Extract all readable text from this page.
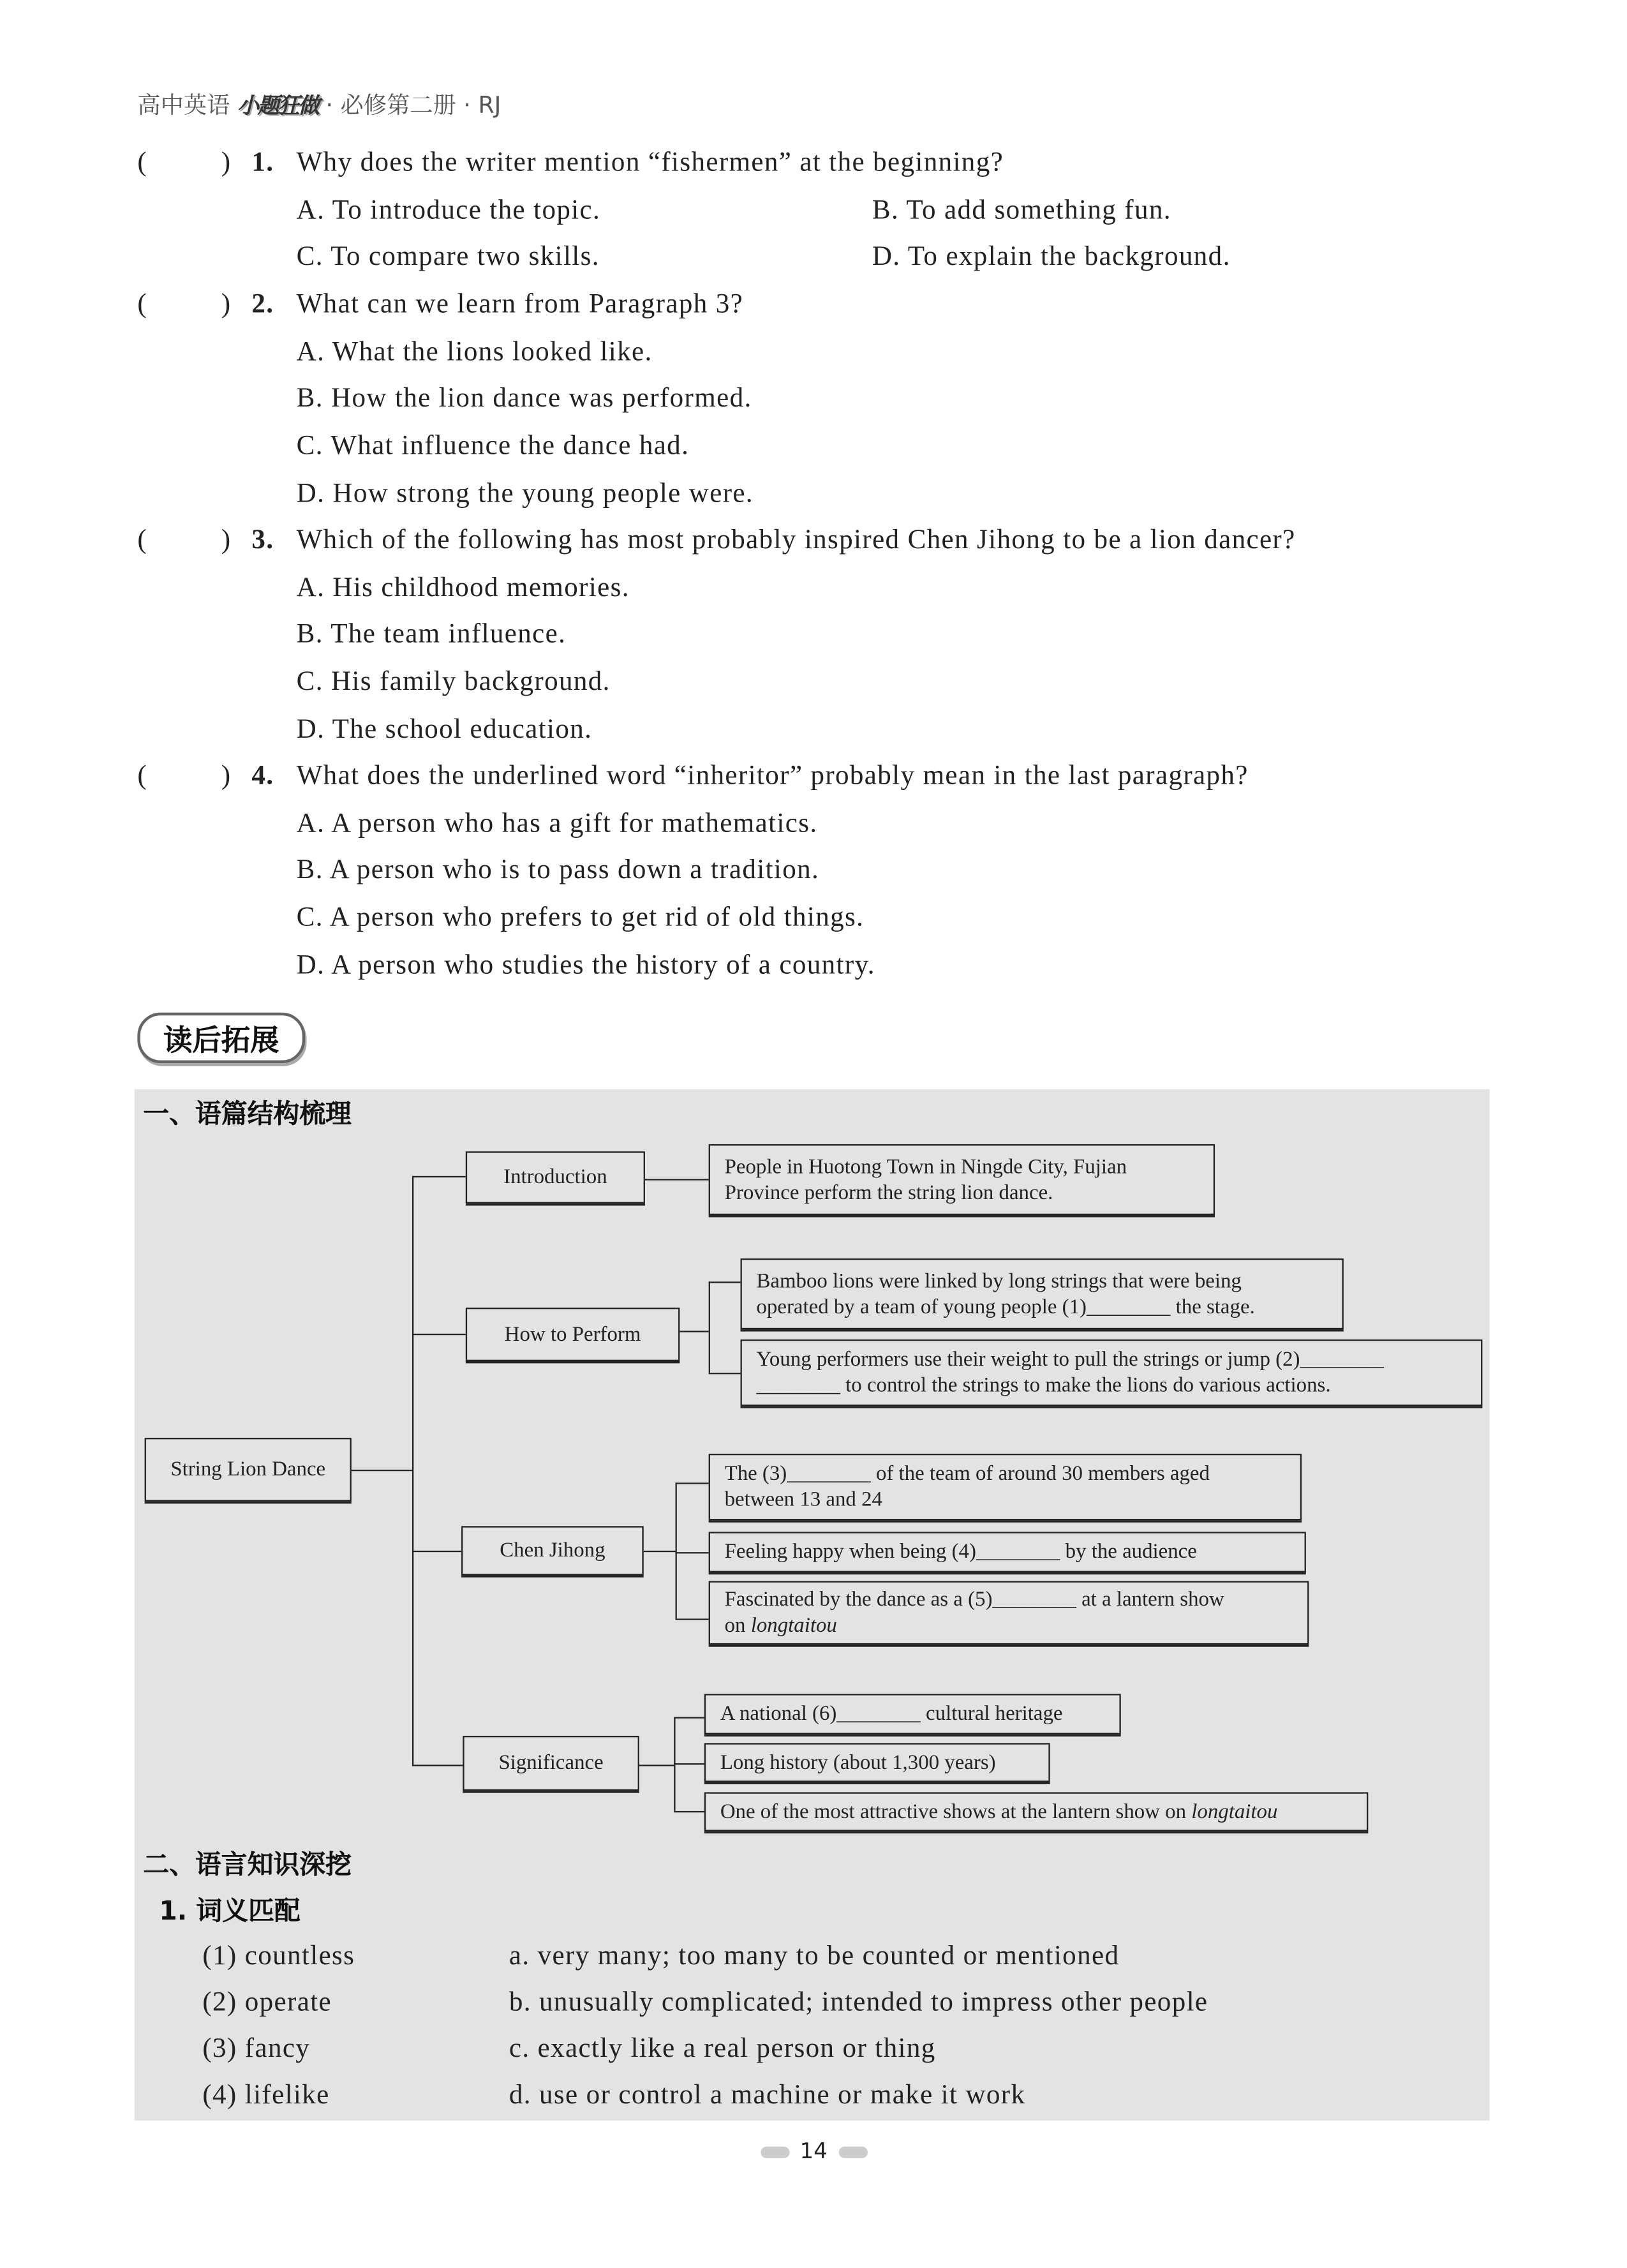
高中英语 小题狂做 · 必修第二册 · RJ
(	) 1. Why does the writer mention “fishermen” at the beginning?
A. To introduce the topic.	B. To add something fun.
C. To compare two skills.	D. To explain the background.
(	) 2. What can we learn from Paragraph 3?
A. What the lions looked like.
B. How the lion dance was performed.
C. What influence the dance had.
D. How strong the young people were.
(	) 3. Which of the following has most probably inspired Chen Jihong to be a lion dancer?
A. His childhood memories.
B. The team influence.
C. His family background.
D. The school education.
(	) 4. What does the underlined word “inheritor” probably mean in the last paragraph?
A. A person who has a gift for mathematics.
B. A person who is to pass down a tradition.
C. A person who prefers to get rid of old things.
D. A person who studies the history of a country.
读后拓展
一、语篇结构梳理
String Lion Dance
Introduction	People in Huotong Town in Ningde City, Fujian
Province perform the string lion dance.
How to Perform
Bamboo lions were linked by long strings that were being
operated by a team of young people (1)________ the stage.
Young performers use their weight to pull the strings or jump (2)________
________ to control the strings to make the lions do various actions.
Chen Jihong
The (3)________ of the team of around 30 members aged
between 13 and 24
Feeling happy when being (4)________ by the audience
Fascinated by the dance as a (5)________ at a lantern show
on longtaitou
Significance
A national (6)________ cultural heritage
Long history (about 1,300 years)
One of the most attractive shows at the lantern show on longtaitou
二、语言知识深挖
1. 词义匹配
(1) countless	a. very many; too many to be counted or mentioned
(2) operate	b. unusually complicated; intended to impress other people
(3) fancy	c. exactly like a real person or thing
(4) lifelike	d. use or control a machine or make it work
14
